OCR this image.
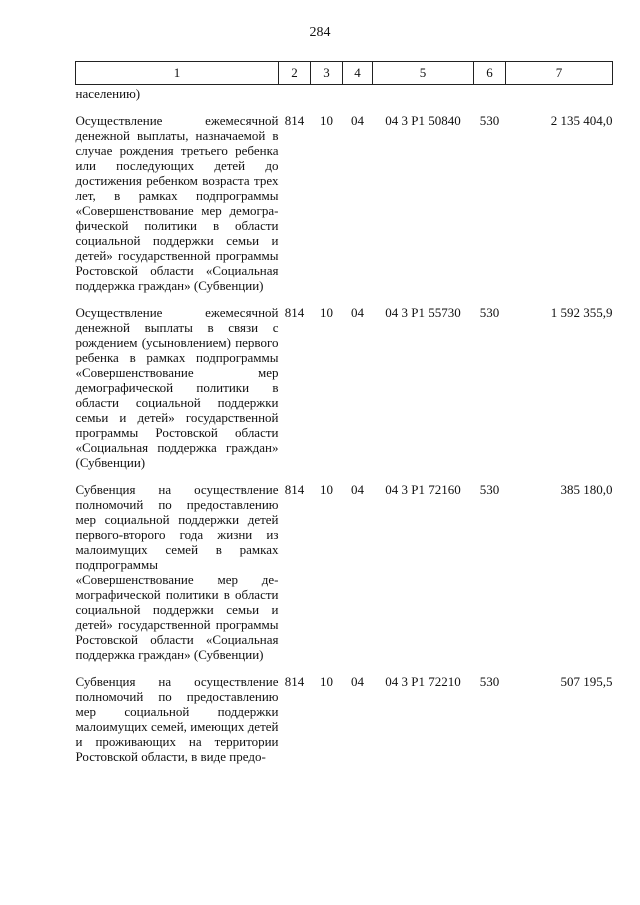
284
1	2	3	4	5	6	7
населению)						

Осуществление ежемесячной денежной выплаты, назначаемой в случае рождения третьего ребенка или последующих детей до достижения ребенком возраста трех лет, в рамках подпрограммы «Совершенствование мер демографической политики в области социальной поддержки семьи и детей» государственной программы Ростовской области «Социальная поддержка граждан» (Субвенции)	814	10	04	04 3 P1 50840	530	2 135 404,0

Осуществление ежемесячной денежной выплаты в связи с рождением (усыновлением) первого ребенка в рамках подпрограммы «Совершенствование мер демографической политики в области социальной поддержки семьи и детей» государственной программы Ростовской области «Социальная поддержка граждан» (Субвенции)	814	10	04	04 3 P1 55730	530	1 592 355,9

Субвенция на осуществление полномочий по предоставлению мер социальной поддержки детей первого-второго года жизни из малоимущих семей в рамках подпрограммы «Совершенствование мер демографической политики в области социальной поддержки семьи и детей» государственной программы Ростовской области «Социальная поддержка граждан» (Субвенции)	814	10	04	04 3 P1 72160	530	385 180,0

Субвенция на осуществление полномочий по предоставлению мер социальной поддержки малоимущих семей, имеющих детей и проживающих на территории Ростовской области, в виде предо-	814	10	04	04 3 P1 72210	530	507 195,5
